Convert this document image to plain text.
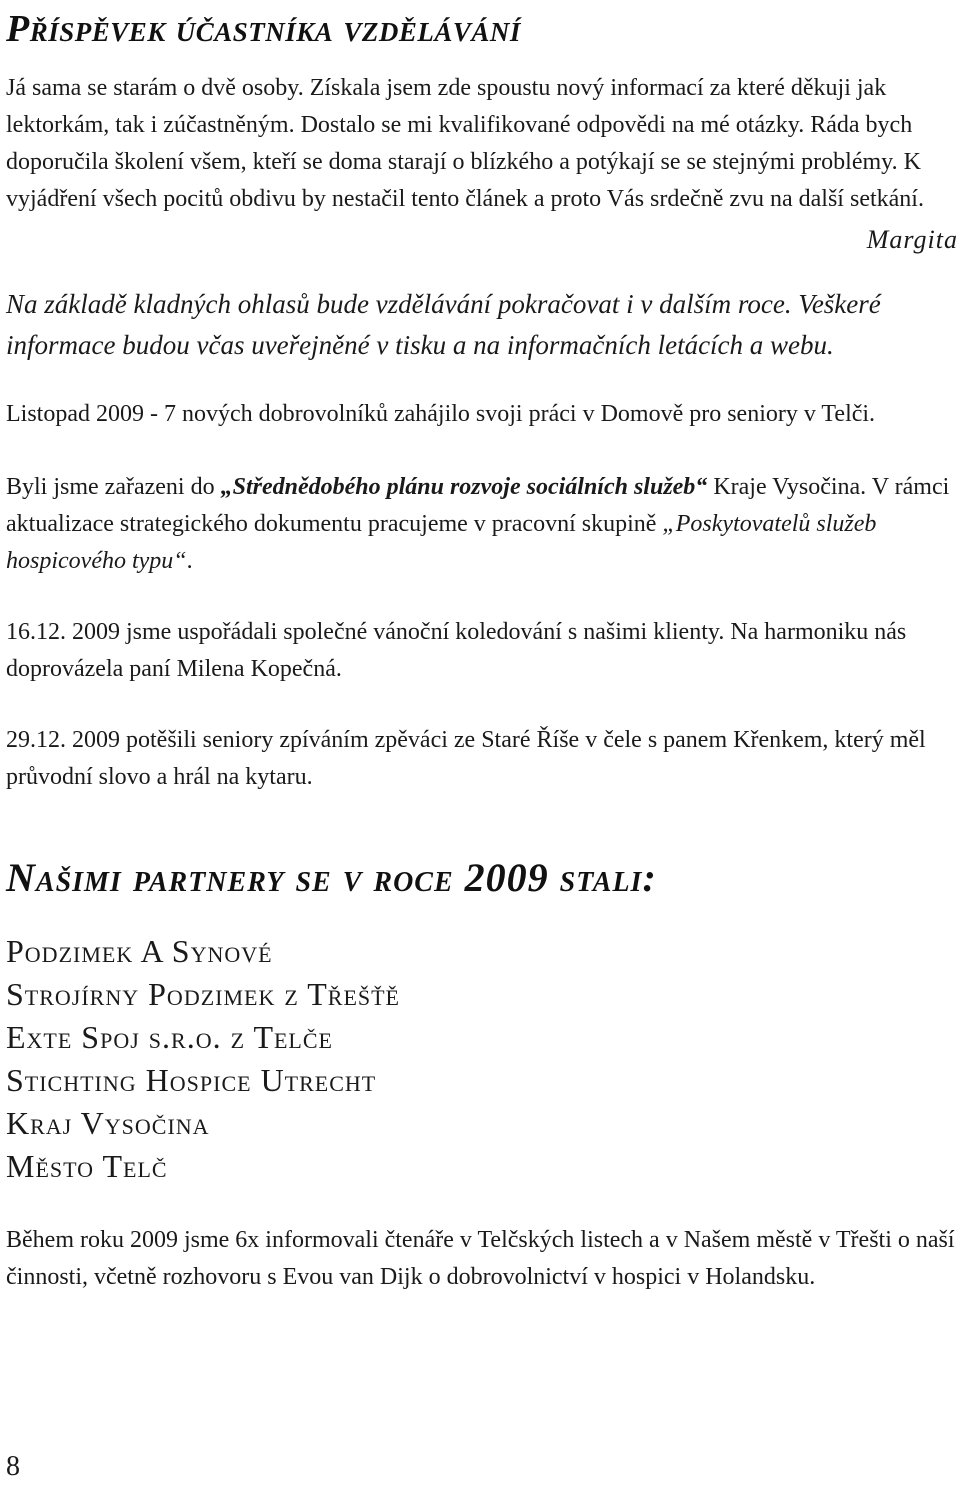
Příspěvek účastníka vzdělávání

Já sama se starám o dvě osoby. Získala jsem zde spoustu nový informací za které děkuji jak lektorkám, tak i zúčastněným. Dostalo se mi kvalifikované odpovědi na mé otázky. Ráda bych doporučila školení všem, kteří se doma starají o blízkého a potýkají se se stejnými problémy. K vyjádření všech pocitů obdivu by nestačil tento článek a proto Vás srdečně zvu na další setkání.

Margita

Na základě kladných ohlasů bude vzdělávání pokračovat i v dalším roce. Veškeré informace budou včas uveřejněné v tisku a na informačních letácích a webu.

Listopad 2009 - 7 nových dobrovolníků zahájilo svoji práci v Domově pro seniory v Telči.

Byli jsme zařazeni do „Střednědobého plánu rozvoje sociálních služeb“ Kraje Vysočina. V rámci aktualizace strategického dokumentu pracujeme v pracovní skupině „Poskytovatelů služeb hospicového typu“.

16.12. 2009 jsme uspořádali společné vánoční koledování s našimi klienty. Na harmoniku nás doprovázela paní Milena Kopečná.

29.12. 2009 potěšili seniory zpíváním zpěváci ze Staré Říše v čele s panem Křenkem, který měl průvodní slovo a hrál na kytaru.

Našimi partnery se v roce 2009 stali:
Podzimek A Synové
Strojírny Podzimek z Třešťě
Exte Spoj s.r.o. z Telče
Stichting Hospice Utrecht
Kraj Vysočina
Město Telč

Během roku 2009 jsme 6x informovali čtenáře v Telčských listech a v Našem městě v Třešti o naší činnosti, včetně rozhovoru s Evou van Dijk o dobrovolnictví v hospici v Holandsku.

8
